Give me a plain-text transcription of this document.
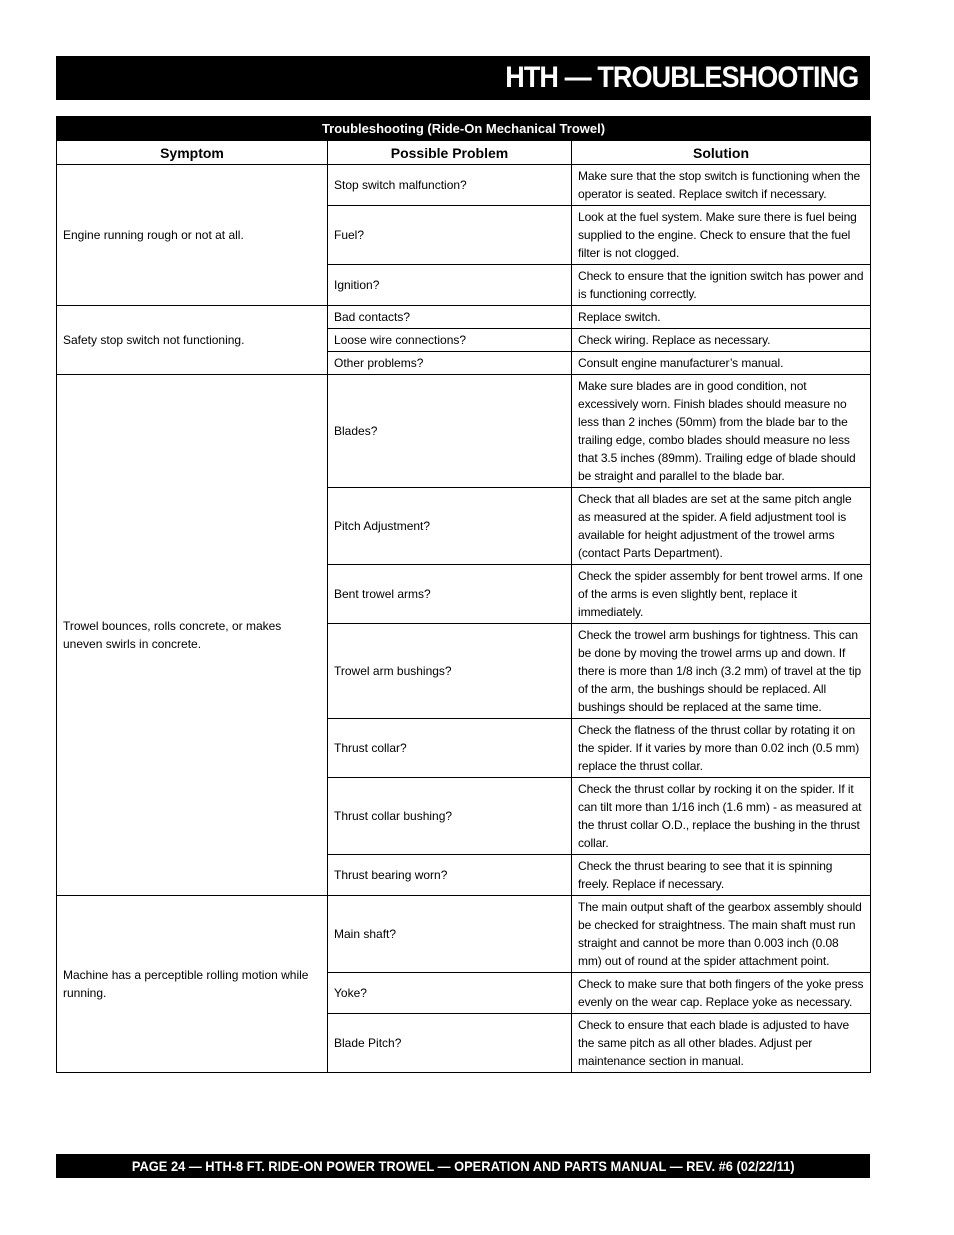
HTH — TROUBLESHOOTING
Troubleshooting (Ride-On Mechanical Trowel)		
Symptom	Possible Problem	Solution
Engine running rough or not at all.	Stop switch malfunction?	Make sure that the stop switch is functioning when the operator is seated. Replace switch if necessary.
	Fuel?	Look at the fuel system. Make sure there is fuel being supplied to the engine. Check to ensure that the fuel filter is not clogged.
	Ignition?	Check to ensure that the ignition switch has power and is functioning correctly.
Safety stop switch not functioning.	Bad contacts?	Replace switch.
	Loose wire connections?	Check wiring. Replace as necessary.
	Other problems?	Consult engine manufacturer’s manual.
Trowel bounces, rolls concrete, or makes uneven swirls in concrete.	Blades?	Make sure blades are in good condition, not excessively worn. Finish blades should measure no less than 2 inches (50mm) from the blade bar to the trailing edge, combo blades should measure no less that 3.5 inches (89mm). Trailing edge of blade should be straight and parallel to the blade bar.
	Pitch Adjustment?	Check that all blades are set at the same pitch angle as measured at the spider. A field adjustment tool is available for height adjustment of the trowel arms (contact Parts Department).
	Bent trowel arms?	Check the spider assembly for bent trowel arms. If one of the arms is even slightly bent, replace it immediately.
	Trowel arm bushings?	Check the trowel arm bushings for tightness. This can be done by moving the trowel arms up and down. If there is more than 1/8 inch (3.2 mm) of travel at the tip of the arm, the bushings should be replaced. All bushings should be replaced at the same time.
	Thrust collar?	Check the flatness of the thrust collar by rotating it on the spider. If it varies by more than 0.02 inch (0.5 mm) replace the thrust collar.
	Thrust collar bushing?	Check the thrust collar by rocking it on the spider. If it can tilt more than 1/16 inch (1.6 mm) - as measured at the thrust collar O.D., replace the bushing in the thrust collar.
	Thrust bearing worn?	Check the thrust bearing to see that it is spinning freely. Replace if necessary.
Machine has a perceptible rolling motion while running.	Main shaft?	The main output shaft of the gearbox assembly should be checked for straightness. The main shaft must run straight and cannot be more than 0.003 inch (0.08 mm) out of round at the spider attachment point.
	Yoke?	Check to make sure that both fingers of the yoke press evenly on the wear cap. Replace yoke as necessary.
	Blade Pitch?	Check to ensure that each blade is adjusted to have the same pitch as all other blades. Adjust per maintenance section in manual.
PAGE 24 — HTH-8 FT. RIDE-ON POWER TROWEL — OPERATION AND PARTS MANUAL — REV. #6 (02/22/11)
